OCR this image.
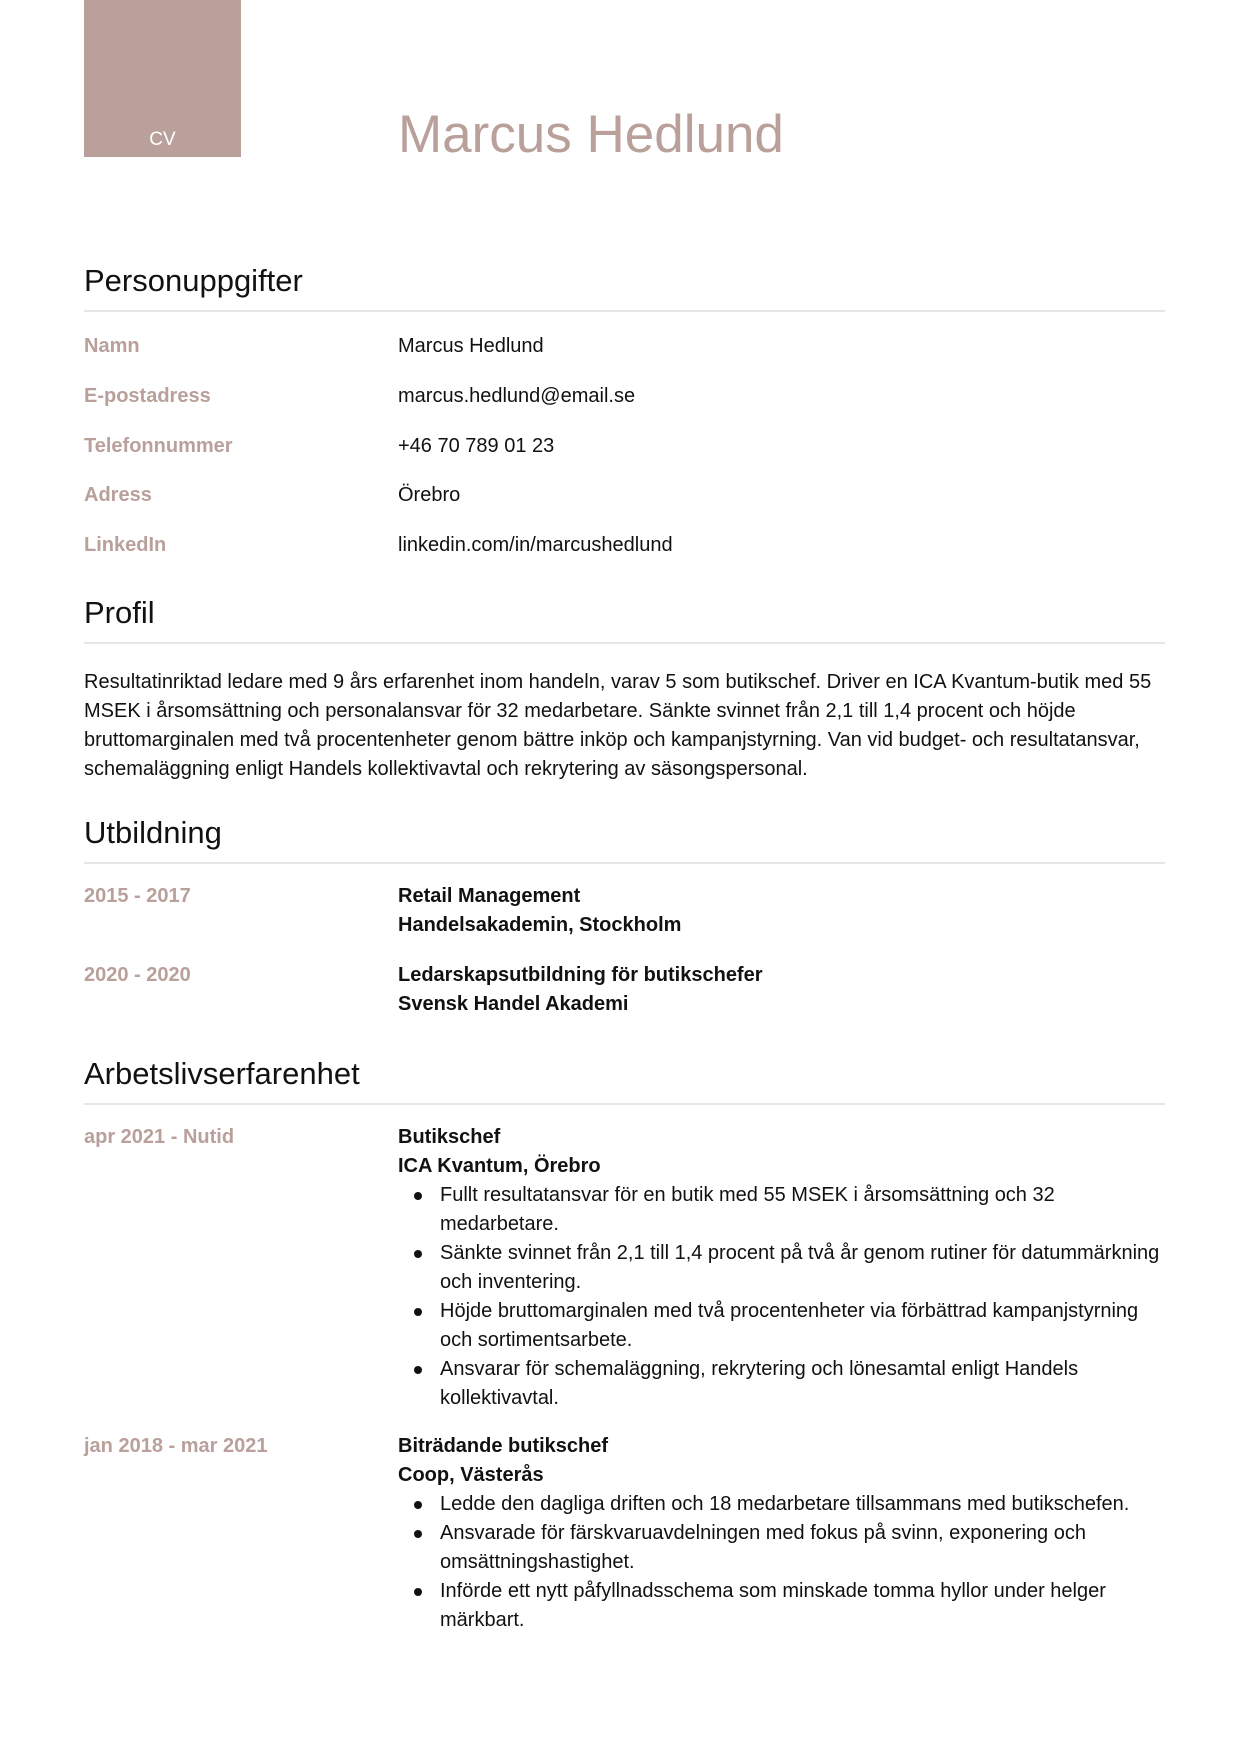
CV	Marcus Hedlund
Personuppgifter
Namn	Marcus Hedlund
E-postadress	marcus.hedlund@email.se
Telefonnummer	+46 70 789 01 23
Adress	Örebro
LinkedIn	linkedin.com/in/marcushedlund
Profil

Resultatinriktad ledare med 9 års erfarenhet inom handeln, varav 5 som butikschef. Driver en ICA Kvantum-butik med 55 MSEK i årsomsättning och personalansvar för 32 medarbetare. Sänkte svinnet från 2,1 till 1,4 procent och höjde bruttomarginalen med två procentenheter genom bättre inköp och kampanjstyrning. Van vid budget- och resultatansvar, schemaläggning enligt Handels kollektivavtal och rekrytering av säsongspersonal.

Utbildning
2015 - 2017	Retail Management
Handelsakademin, Stockholm
2020 - 2020	Ledarskapsutbildning för butikschefer
Svensk Handel Akademi
Arbetslivserfarenhet
apr 2021 - Nutid	Butikschef
ICA Kvantum, Örebro
Fullt resultatansvar för en butik med 55 MSEK i årsomsättning och 32 medarbetare.
Sänkte svinnet från 2,1 till 1,4 procent på två år genom rutiner för datummärkning och inventering.
Höjde bruttomarginalen med två procentenheter via förbättrad kampanjstyrning och sortimentsarbete.
Ansvarar för schemaläggning, rekrytering och lönesamtal enligt Handels kollektivavtal.
jan 2018 - mar 2021	Biträdande butikschef
Coop, Västerås
Ledde den dagliga driften och 18 medarbetare tillsammans med butikschefen.
Ansvarade för färskvaruavdelningen med fokus på svinn, exponering och omsättningshastighet.
Införde ett nytt påfyllnadsschema som minskade tomma hyllor under helger märkbart.
